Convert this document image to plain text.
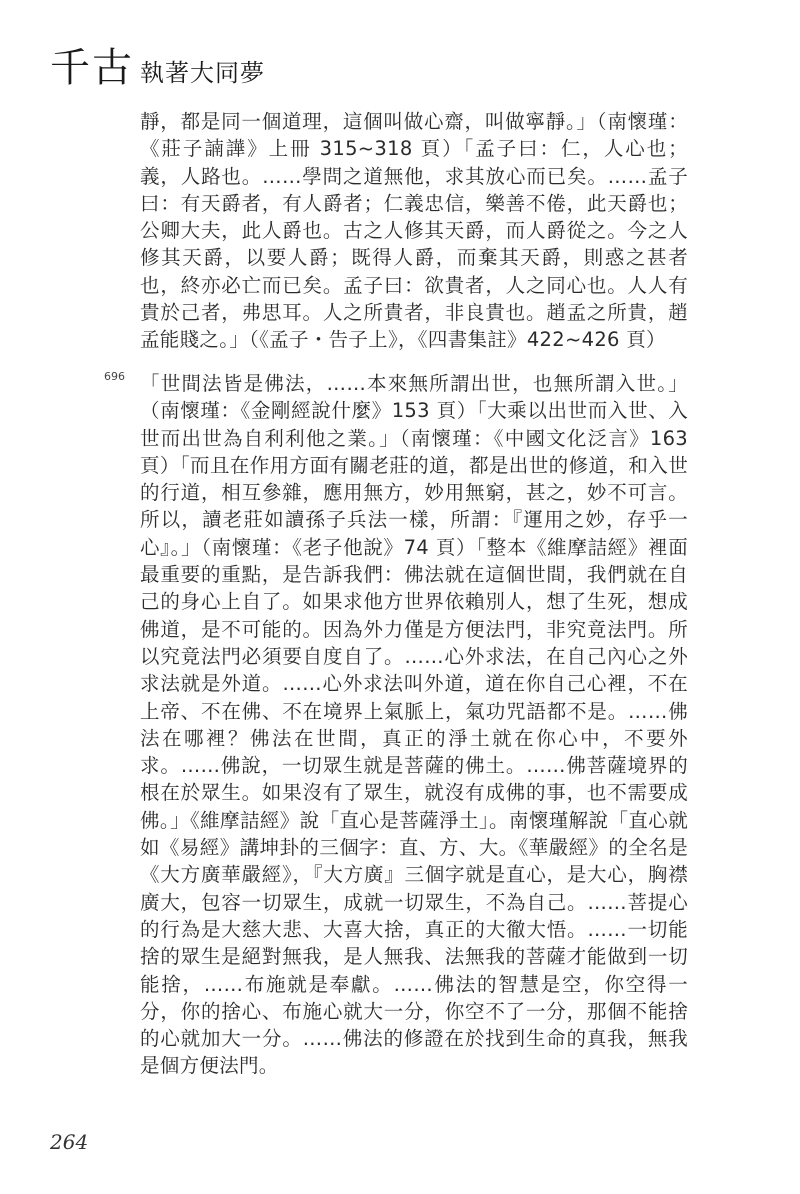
千古 執著大同夢

靜，都是同一個道理，這個叫做心齋，叫做寧靜。」（南懷瑾：《莊子諵譁》上冊 315~318 頁）「孟子曰：仁，人心也；義，人路也。……學問之道無他，求其放心而已矣。……孟子曰：有天爵者，有人爵者；仁義忠信，樂善不倦，此天爵也；公卿大夫，此人爵也。古之人修其天爵，而人爵從之。今之人修其天爵，以要人爵；既得人爵，而棄其天爵，則惑之甚者也，終亦必亡而已矣。孟子曰：欲貴者，人之同心也。人人有貴於己者，弗思耳。人之所貴者，非良貴也。趙孟之所貴，趙孟能賤之。」（《孟子・告子上》，《四書集註》422~426 頁）

696 「世間法皆是佛法，……本來無所謂出世，也無所謂入世。」（南懷瑾：《金剛經說什麼》153 頁）「大乘以出世而入世、入世而出世為自利利他之業。」（南懷瑾：《中國文化泛言》163 頁）「而且在作用方面有關老莊的道，都是出世的修道，和入世的行道，相互參雜，應用無方，妙用無窮，甚之，妙不可言。所以，讀老莊如讀孫子兵法一樣，所謂：『運用之妙，存乎一心』。」（南懷瑾：《老子他說》74 頁）「整本《維摩詰經》裡面最重要的重點，是告訴我們：佛法就在這個世間，我們就在自己的身心上自了。如果求他方世界依賴別人，想了生死，想成佛道，是不可能的。因為外力僅是方便法門，非究竟法門。所以究竟法門必須要自度自了。……心外求法，在自己內心之外求法就是外道。……心外求法叫外道，道在你自己心裡，不在上帝、不在佛、不在境界上氣脈上，氣功咒語都不是。……佛法在哪裡？佛法在世間，真正的淨土就在你心中，不要外求。……佛說，一切眾生就是菩薩的佛土。……佛菩薩境界的根在於眾生。如果沒有了眾生，就沒有成佛的事，也不需要成佛。」《維摩詰經》說「直心是菩薩淨土」。南懷瑾解說「直心就如《易經》講坤卦的三個字：直、方、大。《華嚴經》的全名是《大方廣華嚴經》，『大方廣』三個字就是直心，是大心，胸襟廣大，包容一切眾生，成就一切眾生，不為自己。……菩提心的行為是大慈大悲、大喜大捨，真正的大徹大悟。……一切能捨的眾生是絕對無我，是人無我、法無我的菩薩才能做到一切能捨，……布施就是奉獻。……佛法的智慧是空，你空得一分，你的捨心、布施心就大一分，你空不了一分，那個不能捨的心就加大一分。……佛法的修證在於找到生命的真我，無我是個方便法門。

264
